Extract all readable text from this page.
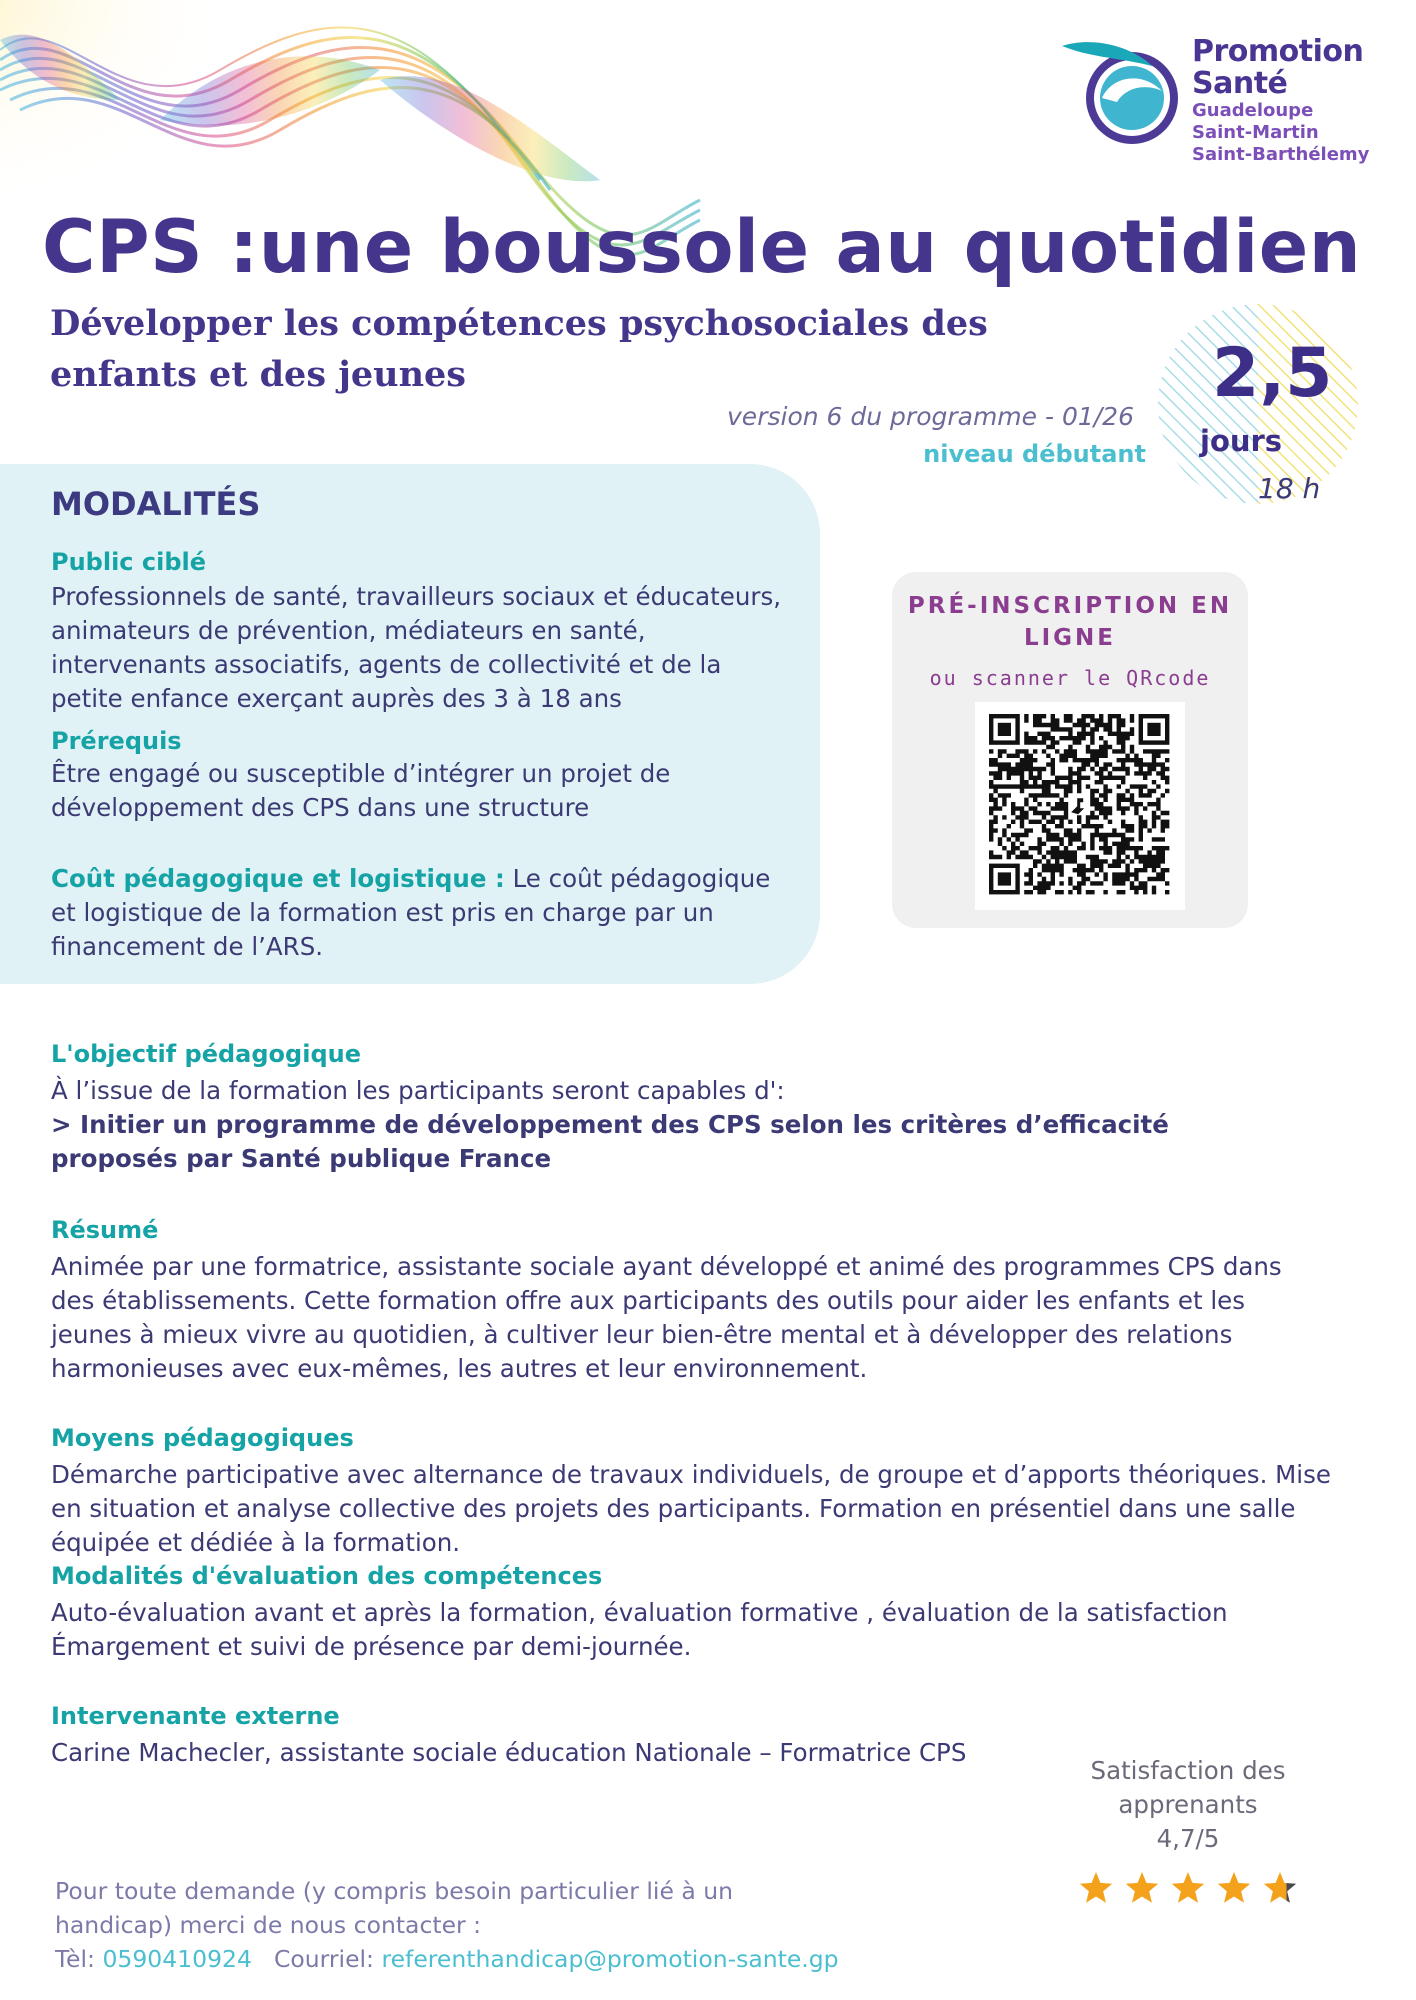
Promotion
Santé
Guadeloupe
Saint-Martin
Saint-Barthélemy
CPS :une boussole au quotidien
Développer les compétences psychosociales des enfants et des jeunes
version 6 du programme - 01/26
niveau débutant
2,5
jours
18 h
MODALITÉS
Public ciblé
Professionnels de santé, travailleurs sociaux et éducateurs, animateurs de prévention, médiateurs en santé, intervenants associatifs, agents de collectivité et de la petite enfance exerçant auprès des 3 à 18 ans
Prérequis
Être engagé ou susceptible d’intégrer un projet de développement des CPS dans une structure
Coût pédagogique et logistique : Le coût pédagogique et logistique de la formation est pris en charge par un financement de l’ARS.
PRÉ-INSCRIPTION EN LIGNE
ou scanner le QRcode
L'objectif pédagogique
À l’issue de la formation les participants seront capables d':
> Initier un programme de développement des CPS selon les critères d’efficacité proposés par Santé publique France
Résumé
Animée par une formatrice, assistante sociale ayant développé et animé des programmes CPS dans des établissements. Cette formation offre aux participants des outils pour aider les enfants et les jeunes à mieux vivre au quotidien, à cultiver leur bien-être mental et à développer des relations harmonieuses avec eux-mêmes, les autres et leur environnement.
Moyens pédagogiques
Démarche participative avec alternance de travaux individuels, de groupe et d’apports théoriques. Mise en situation et analyse collective des projets des participants. Formation en présentiel dans une salle équipée et dédiée à la formation.
Modalités d'évaluation des compétences
Auto-évaluation avant et après la formation, évaluation formative , évaluation de la satisfaction
Émargement et suivi de présence par demi-journée.
Intervenante externe
Carine Machecler, assistante sociale éducation Nationale – Formatrice CPS
Satisfaction des
apprenants
4,7/5
Pour toute demande (y compris besoin particulier lié à un
handicap) merci de nous contacter :
Tèl: 0590410924 Courriel: referenthandicap@promotion-sante.gp
